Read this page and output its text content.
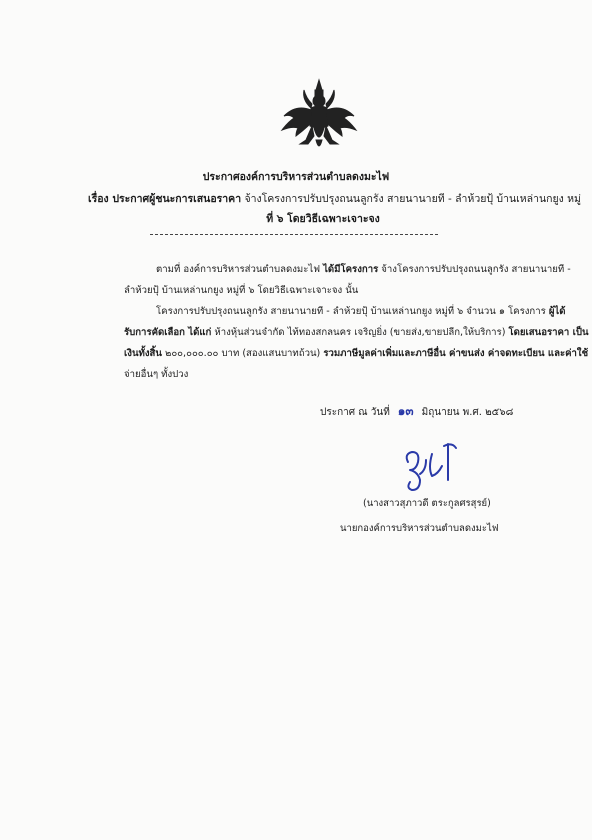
ประกาศองค์การบริหารส่วนตำบลดงมะไฟ
เรื่อง ประกาศผู้ชนะการเสนอราคา จ้างโครงการปรับปรุงถนนลูกรัง สายนานายที - ลำห้วยปุ้ บ้านเหล่านกยูง หมู่
ที่ ๖ โดยวิธีเฉพาะเจาะจง
ตามที่ องค์การบริหารส่วนตำบลดงมะไฟ ได้มีโครงการ จ้างโครงการปรับปรุงถนนลูกรัง สายนานายที -
ลำห้วยปุ้ บ้านเหล่านกยูง หมู่ที่ ๖ โดยวิธีเฉพาะเจาะจง นั้น
โครงการปรับปรุงถนนลูกรัง สายนานายที - ลำห้วยปุ้ บ้านเหล่านกยูง หมู่ที่ ๖ จำนวน ๑ โครงการ ผู้ได้
รับการคัดเลือก ได้แก่ ห้างหุ้นส่วนจำกัด ไท้ทองสกลนคร เจริญยิ่ง (ขายส่ง,ขายปลีก,ให้บริการ) โดยเสนอราคา เป็น
เงินทั้งสิ้น ๒๐๐,๐๐๐.๐๐ บาท (สองแสนบาทถ้วน) รวมภาษีมูลค่าเพิ่มและภาษีอื่น ค่าขนส่ง ค่าจดทะเบียน และค่าใช้
จ่ายอื่นๆ ทั้งปวง
ประกาศ ณ วันที่ ๑๓ มิถุนายน พ.ศ. ๒๕๖๘
(นางสาวสุภาวดี ตระกูลศรสุรย์)
นายกองค์การบริหารส่วนตำบลดงมะไฟ
